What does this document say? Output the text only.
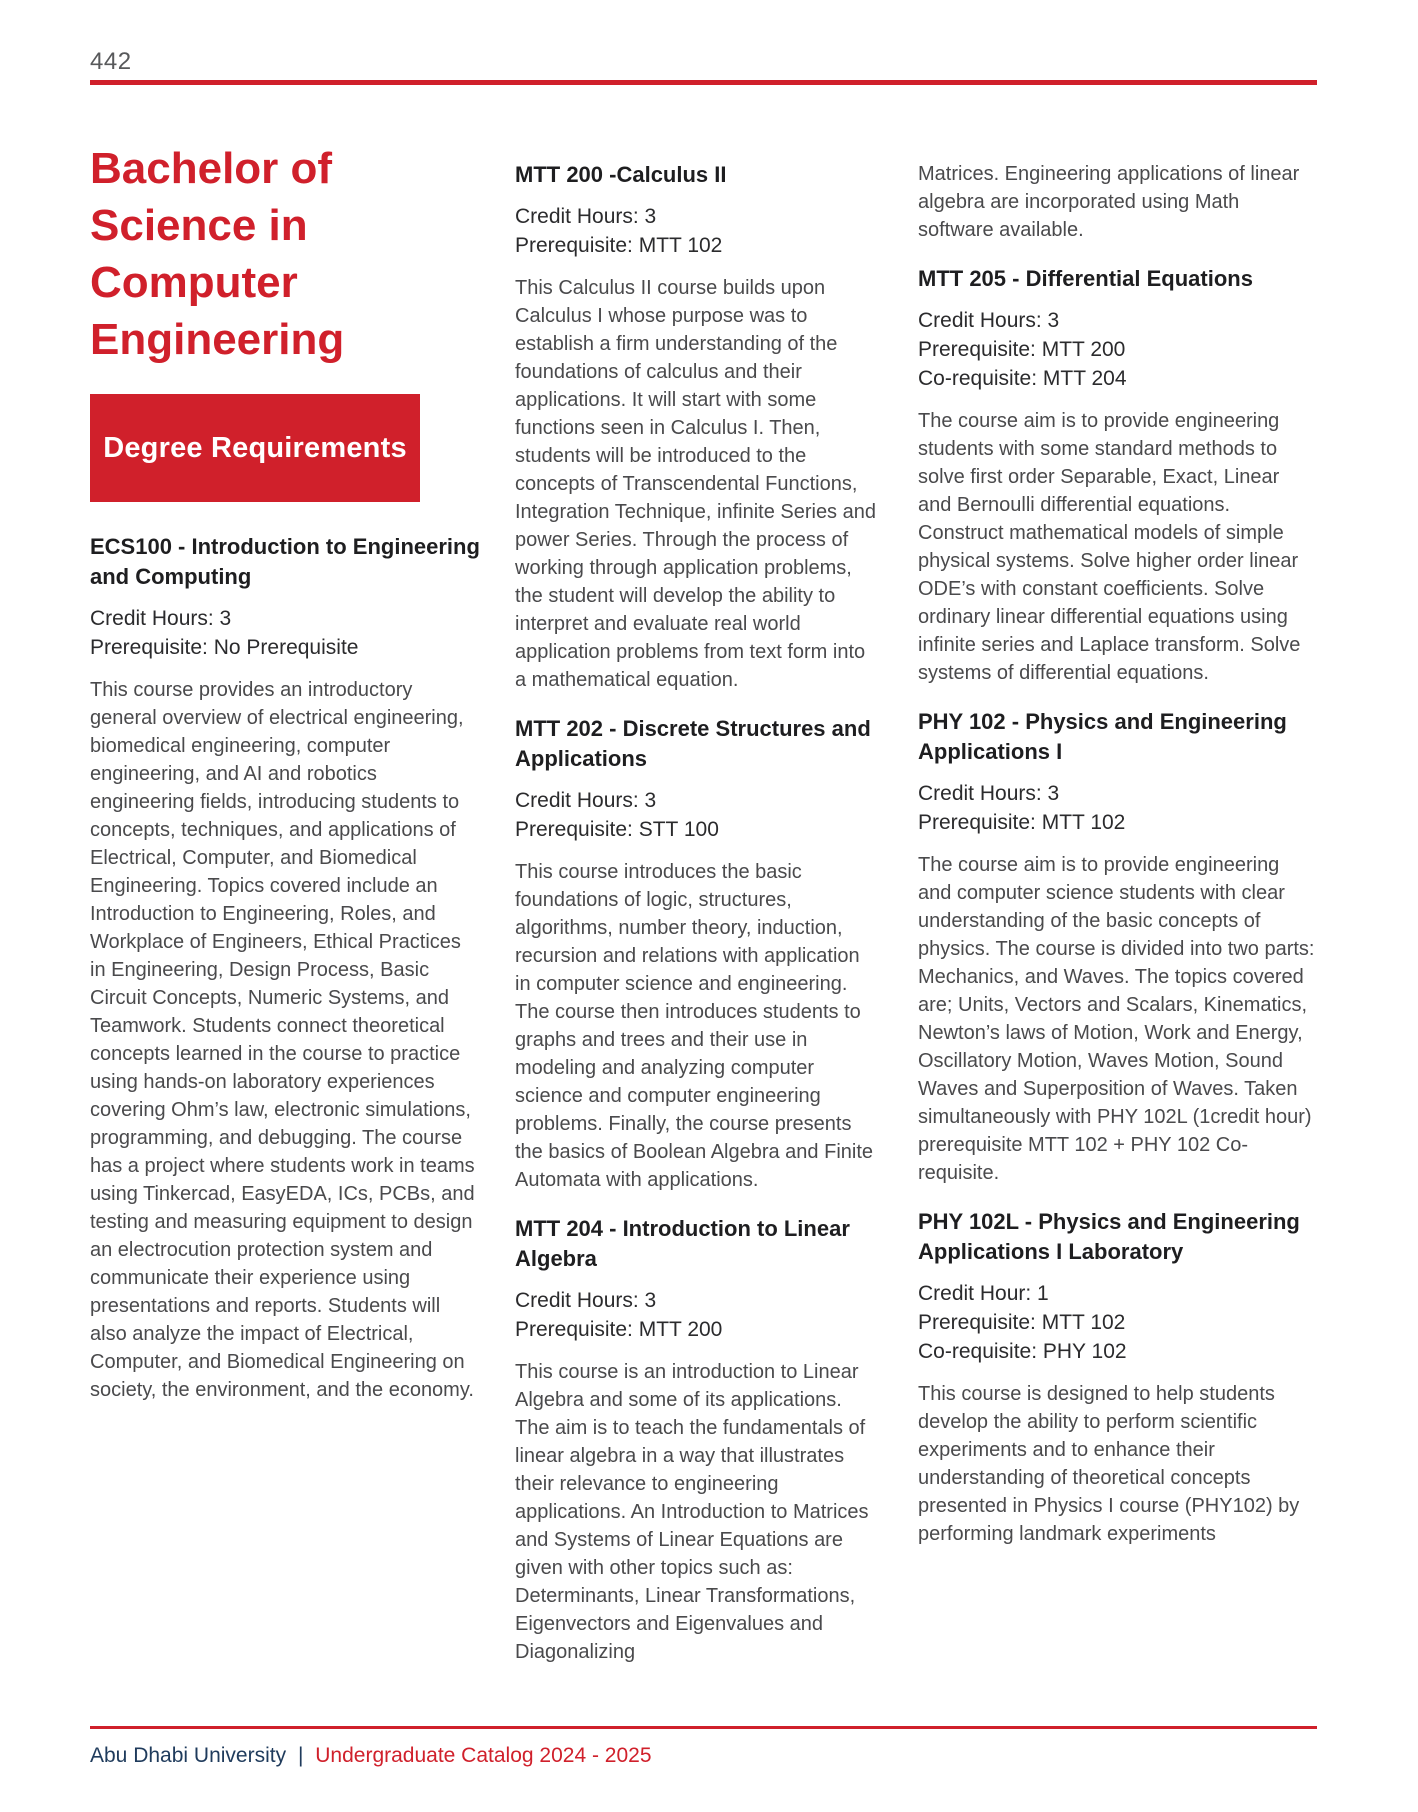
442
Bachelor of Science in Computer Engineering
Degree Requirements
ECS100 - Introduction to Engineering and Computing
Credit Hours: 3
Prerequisite: No Prerequisite

This course provides an introductory general overview of electrical engineering, biomedical engineering, computer engineering, and AI and robotics engineering fields, introducing students to concepts, techniques, and applications of Electrical, Computer, and Biomedical Engineering. Topics covered include an Introduction to Engineering, Roles, and Workplace of Engineers, Ethical Practices in Engineering, Design Process, Basic Circuit Concepts, Numeric Systems, and Teamwork. Students connect theoretical concepts learned in the course to practice using hands-on laboratory experiences covering Ohm’s law, electronic simulations, programming, and debugging. The course has a project where students work in teams using Tinkercad, EasyEDA, ICs, PCBs, and testing and measuring equipment to design an electrocution protection system and communicate their experience using presentations and reports. Students will also analyze the impact of Electrical, Computer, and Biomedical Engineering on society, the environment, and the economy.

MTT 200 -Calculus II
Credit Hours: 3
Prerequisite: MTT 102

This Calculus II course builds upon Calculus I whose purpose was to establish a firm understanding of the foundations of calculus and their applications. It will start with some functions seen in Calculus I. Then, students will be introduced to the concepts of Transcendental Functions, Integration Technique, infinite Series and power Series. Through the process of working through application problems, the student will develop the ability to interpret and evaluate real world application problems from text form into a mathematical equation.

MTT 202 - Discrete Structures and Applications
Credit Hours: 3
Prerequisite: STT 100

This course introduces the basic foundations of logic, structures, algorithms, number theory, induction, recursion and relations with application in computer science and engineering. The course then introduces students to graphs and trees and their use in modeling and analyzing computer science and computer engineering problems. Finally, the course presents the basics of Boolean Algebra and Finite Automata with applications.

MTT 204 - Introduction to Linear Algebra
Credit Hours: 3
Prerequisite: MTT 200

This course is an introduction to Linear Algebra and some of its applications. The aim is to teach the fundamentals of linear algebra in a way that illustrates their relevance to engineering applications. An Introduction to Matrices and Systems of Linear Equations are given with other topics such as: Determinants, Linear Transformations, Eigenvectors and Eigenvalues and Diagonalizing

Matrices. Engineering applications of linear algebra are incorporated using Math software available.

MTT 205 - Differential Equations
Credit Hours: 3
Prerequisite: MTT 200
Co-requisite: MTT 204

The course aim is to provide engineering students with some standard methods to solve first order Separable, Exact, Linear and Bernoulli differential equations. Construct mathematical models of simple physical systems. Solve higher order linear ODE’s with constant coefficients. Solve ordinary linear differential equations using infinite series and Laplace transform. Solve systems of differential equations.

PHY 102 - Physics and Engineering Applications I
Credit Hours: 3
Prerequisite: MTT 102

The course aim is to provide engineering and computer science students with clear understanding of the basic concepts of physics. The course is divided into two parts: Mechanics, and Waves. The topics covered are; Units, Vectors and Scalars, Kinematics, Newton’s laws of Motion, Work and Energy, Oscillatory Motion, Waves Motion, Sound Waves and Superposition of Waves. Taken simultaneously with PHY 102L (1credit hour) prerequisite MTT 102 + PHY 102 Co-requisite.

PHY 102L - Physics and Engineering Applications I Laboratory
Credit Hour: 1
Prerequisite: MTT 102
Co-requisite: PHY 102

This course is designed to help students develop the ability to perform scientific experiments and to enhance their understanding of theoretical concepts presented in Physics I course (PHY102) by performing landmark experiments

Abu Dhabi University | Undergraduate Catalog 2024 - 2025
